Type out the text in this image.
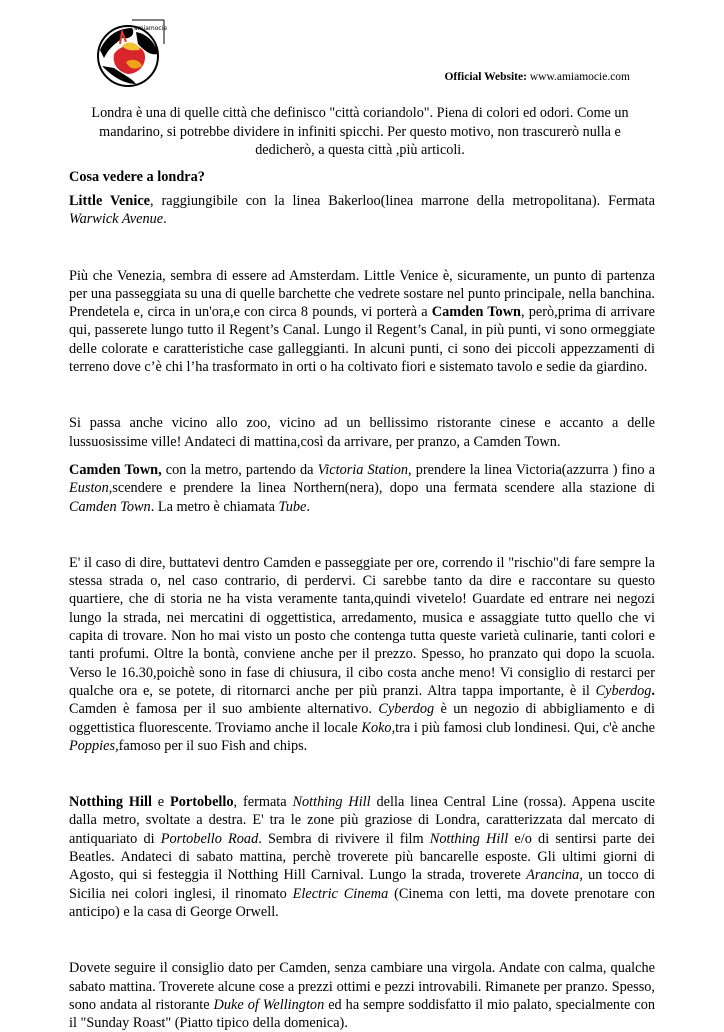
amiamocie
Official Website: www.amiamocie.com
Londra è una di quelle città che definisco "città coriandolo". Piena di colori ed odori. Come un mandarino, si potrebbe dividere in infiniti spicchi. Per questo motivo, non trascurerò nulla e dedicherò, a questa città ,più articoli.
Cosa vedere a londra?

Little Venice, raggiungibile con la linea Bakerloo(linea marrone della metropolitana). Fermata Warwick Avenue.

Più che Venezia, sembra di essere ad Amsterdam. Little Venice è, sicuramente, un punto di partenza per una passeggiata su una di quelle barchette che vedrete sostare nel punto principale, nella banchina. Prendetela e, circa in un'ora,e con circa 8 pounds, vi porterà a Camden Town, però,prima di arrivare qui, passerete lungo tutto il Regent’s Canal. Lungo il Regent’s Canal, in più punti, vi sono ormeggiate delle colorate e caratteristiche case galleggianti. In alcuni punti, ci sono dei piccoli appezzamenti di terreno dove c’è chi l’ha trasformato in orti o ha coltivato fiori e sistemato tavolo e sedie da giardino.

Si passa anche vicino allo zoo, vicino ad un bellissimo ristorante cinese e accanto a delle lussuosissime ville! Andateci di mattina,così da arrivare, per pranzo, a Camden Town.

Camden Town, con la metro, partendo da Victoria Station, prendere la linea Victoria(azzurra ) fino a Euston,scendere e prendere la linea Northern(nera), dopo una fermata scendere alla stazione di Camden Town. La metro è chiamata Tube.

E' il caso di dire, buttatevi dentro Camden e passeggiate per ore, correndo il "rischio"di fare sempre la stessa strada o, nel caso contrario, di perdervi. Ci sarebbe tanto da dire e raccontare su questo quartiere, che di storia ne ha vista veramente tanta,quindi vivetelo! Guardate ed entrare nei negozi lungo la strada, nei mercatini di oggettistica, arredamento, musica e assaggiate tutto quello che vi capita di trovare. Non ho mai visto un posto che contenga tutta queste varietà culinarie, tanti colori e tanti profumi. Oltre la bontà, conviene anche per il prezzo. Spesso, ho pranzato qui dopo la scuola. Verso le 16.30,poichè sono in fase di chiusura, il cibo costa anche meno! Vi consiglio di restarci per qualche ora e, se potete, di ritornarci anche per più pranzi. Altra tappa importante, è il Cyberdog. Camden è famosa per il suo ambiente alternativo. Cyberdog è un negozio di abbigliamento e di oggettistica fluorescente. Troviamo anche il locale Koko,tra i più famosi club londinesi. Qui, c'è anche Poppies,famoso per il suo Fish and chips.

Notthing Hill e Portobello, fermata Notthing Hill della linea Central Line (rossa). Appena uscite dalla metro, svoltate a destra. E' tra le zone più graziose di Londra, caratterizzata dal mercato di antiquariato di Portobello Road. Sembra di rivivere il film Notthing Hill e/o di sentirsi parte dei Beatles. Andateci di sabato mattina, perchè troverete più bancarelle esposte. Gli ultimi giorni di Agosto, qui si festeggia il Notthing Hill Carnival. Lungo la strada, troverete Arancina, un tocco di Sicilia nei colori inglesi, il rinomato Electric Cinema (Cinema con letti, ma dovete prenotare con anticipo) e la casa di George Orwell.

Dovete seguire il consiglio dato per Camden, senza cambiare una virgola. Andate con calma, qualche sabato mattina. Troverete alcune cose a prezzi ottimi e pezzi introvabili. Rimanete per pranzo. Spesso, sono andata al ristorante Duke of Wellington ed ha sempre soddisfatto il mio palato, specialmente con il "Sunday Roast" (Piatto tipico della domenica).
